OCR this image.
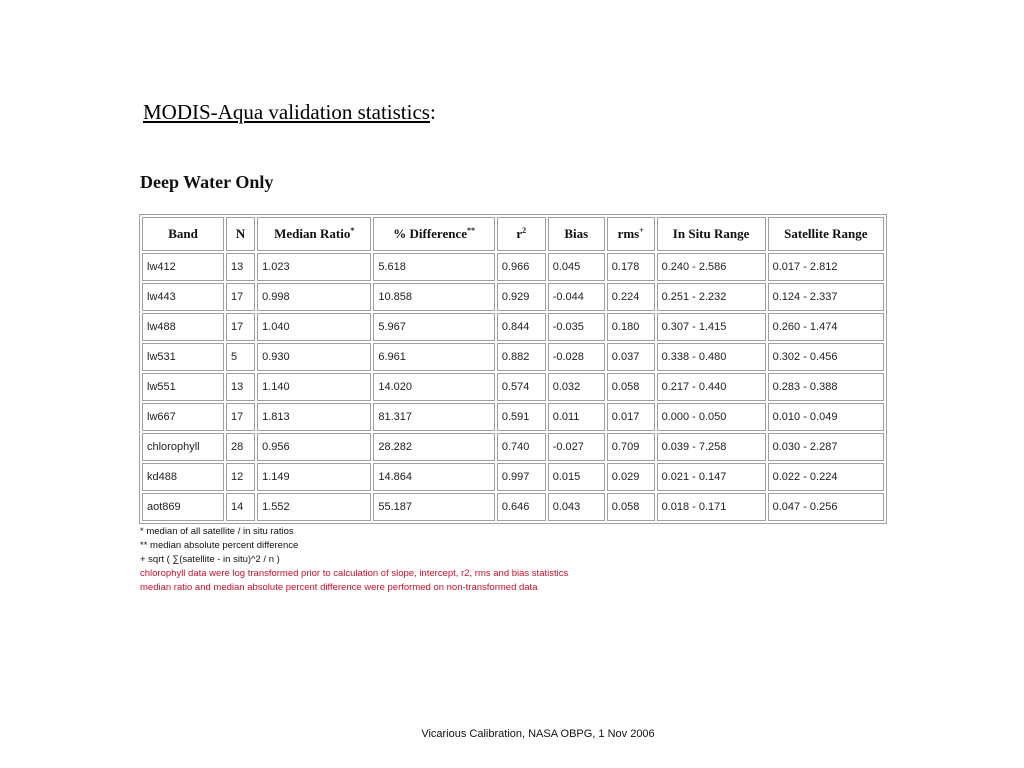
MODIS-Aqua validation statistics:
Deep Water Only
Band	N	Median Ratio*	% Difference**	$r^2$	Bias	rms+	In Situ Range	Satellite Range
lw412	13	1.023	5.618	0.966	0.045	0.178	0.240 - 2.586	0.017 - 2.812
lw443	17	0.998	10.858	0.929	-0.044	0.224	0.251 - 2.232	0.124 - 2.337
lw488	17	1.040	5.967	0.844	-0.035	0.180	0.307 - 1.415	0.260 - 1.474
lw531	5	0.930	6.961	0.882	-0.028	0.037	0.338 - 0.480	0.302 - 0.456
lw551	13	1.140	14.020	0.574	0.032	0.058	0.217 - 0.440	0.283 - 0.388
lw667	17	1.813	81.317	0.591	0.011	0.017	0.000 - 0.050	0.010 - 0.049
chlorophyll	28	0.956	28.282	0.740	-0.027	0.709	0.039 - 7.258	0.030 - 2.287
kd488	12	1.149	14.864	0.997	0.015	0.029	0.021 - 0.147	0.022 - 0.224
aot869	14	1.552	55.187	0.646	0.043	0.058	0.018 - 0.171	0.047 - 0.256
* median of all satellite / in situ ratios
** median absolute percent difference
+ sqrt ( ∑(satellite - in situ)^2 / n )
chlorophyll data were log transformed prior to calculation of slope, intercept, r2, rms and bias statistics
median ratio and median absolute percent difference were performed on non-transformed data
Vicarious Calibration, NASA OBPG, 1 Nov 2006
